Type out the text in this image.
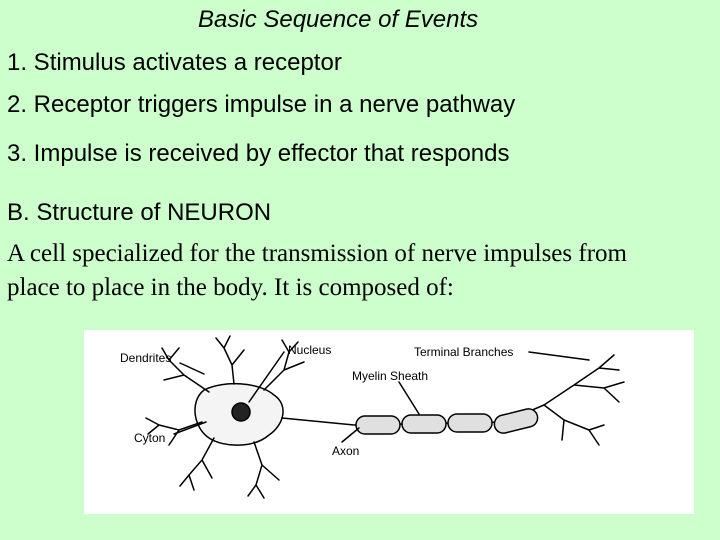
Basic Sequence of Events
1. Stimulus activates a receptor
2. Receptor triggers impulse in a nerve pathway
3. Impulse is received by effector that responds
B. Structure of NEURON
A cell specialized for the transmission of nerve impulses from
place to place in the body. It is composed of:
Dendrites
Nucleus	Terminal Branches
Myelin Sheath
Cyton
Axon
